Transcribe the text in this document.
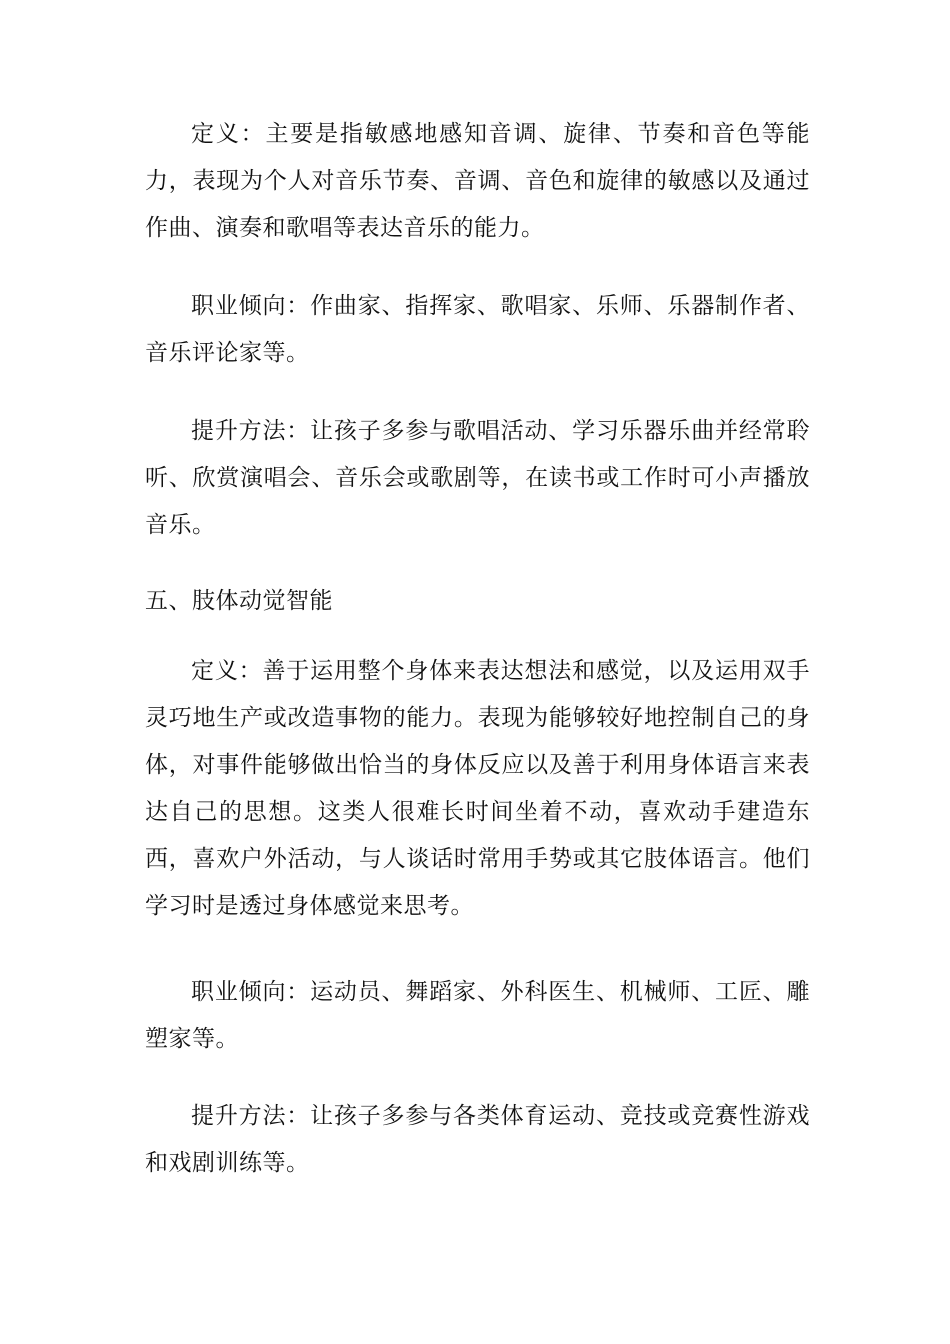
定义：主要是指敏感地感知音调、旋律、节奏和音色等能力，表现为个人对音乐节奏、音调、音色和旋律的敏感以及通过作曲、演奏和歌唱等表达音乐的能力。

职业倾向：作曲家、指挥家、歌唱家、乐师、乐器制作者、音乐评论家等。

提升方法：让孩子多参与歌唱活动、学习乐器乐曲并经常聆听、欣赏演唱会、音乐会或歌剧等，在读书或工作时可小声播放音乐。

五、肢体动觉智能

定义：善于运用整个身体来表达想法和感觉，以及运用双手灵巧地生产或改造事物的能力。表现为能够较好地控制自己的身体，对事件能够做出恰当的身体反应以及善于利用身体语言来表达自己的思想。这类人很难长时间坐着不动，喜欢动手建造东西，喜欢户外活动，与人谈话时常用手势或其它肢体语言。他们学习时是透过身体感觉来思考。

职业倾向：运动员、舞蹈家、外科医生、机械师、工匠、雕塑家等。

提升方法：让孩子多参与各类体育运动、竞技或竞赛性游戏和戏剧训练等。
